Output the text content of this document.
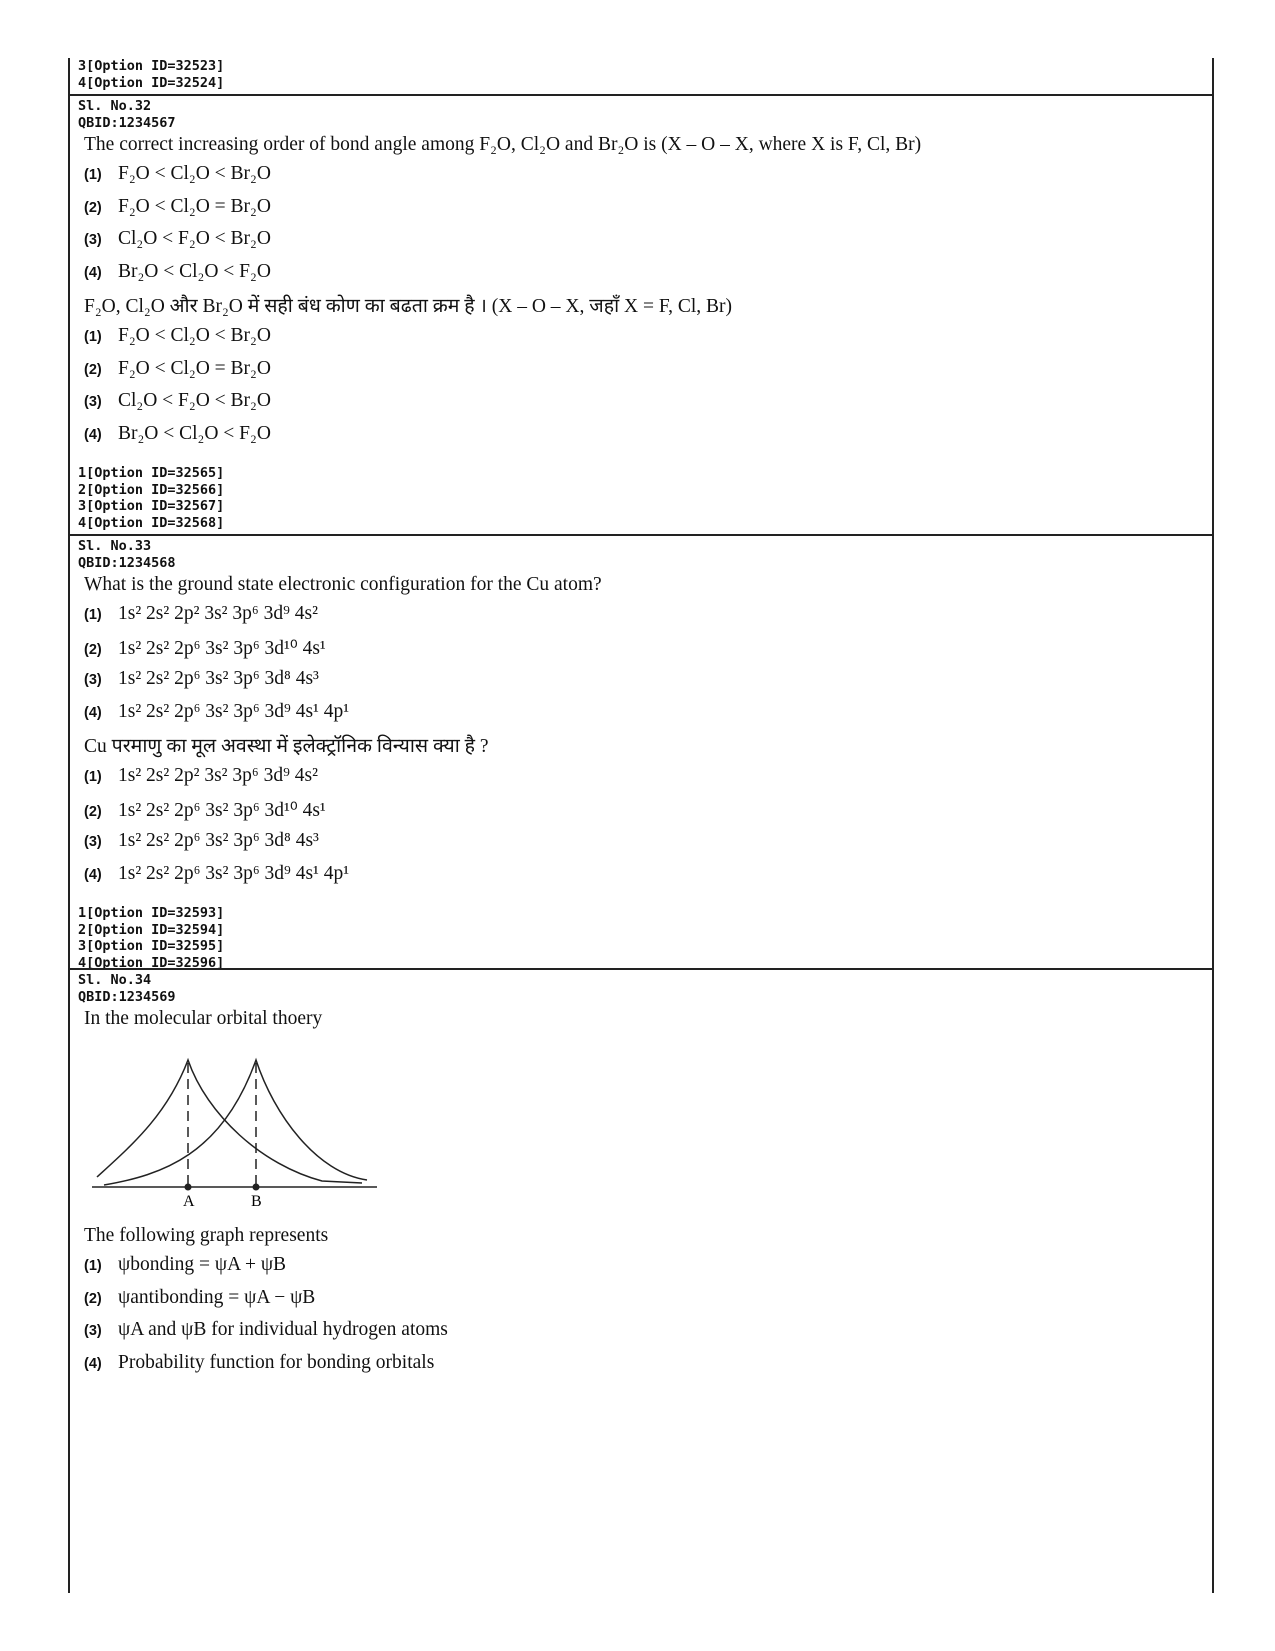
3[Option ID=32523]
4[Option ID=32524]
Sl. No.32
QBID:1234567
The correct increasing order of bond angle among F₂O, Cl₂O and Br₂O is (X – O – X, where X is F, Cl, Br)
(1) F₂O < Cl₂O < Br₂O
(2) F₂O < Cl₂O = Br₂O
(3) Cl₂O < F₂O < Br₂O
(4) Br₂O < Cl₂O < F₂O
F₂O, Cl₂O और Br₂O में सही बंध कोण का बढता क्रम है । (X – O – X, जहाँ X = F, Cl, Br)
(1) F₂O < Cl₂O < Br₂O
(2) F₂O < Cl₂O = Br₂O
(3) Cl₂O < F₂O < Br₂O
(4) Br₂O < Cl₂O < F₂O
1[Option ID=32565]
2[Option ID=32566]
3[Option ID=32567]
4[Option ID=32568]
Sl. No.33
QBID:1234568
What is the ground state electronic configuration for the Cu atom?
(1) 1s² 2s² 2p² 3s² 3p⁶ 3d⁹ 4s²
(2) 1s² 2s² 2p⁶ 3s² 3p⁶ 3d¹⁰ 4s¹
(3) 1s² 2s² 2p⁶ 3s² 3p⁶ 3d⁸ 4s³
(4) 1s² 2s² 2p⁶ 3s² 3p⁶ 3d⁹ 4s¹ 4p¹
Cu परमाणु का मूल अवस्था में इलेक्ट्रॉनिक विन्यास क्या है ?
(1) 1s² 2s² 2p² 3s² 3p⁶ 3d⁹ 4s²
(2) 1s² 2s² 2p⁶ 3s² 3p⁶ 3d¹⁰ 4s¹
(3) 1s² 2s² 2p⁶ 3s² 3p⁶ 3d⁸ 4s³
(4) 1s² 2s² 2p⁶ 3s² 3p⁶ 3d⁹ 4s¹ 4p¹
1[Option ID=32593]
2[Option ID=32594]
3[Option ID=32595]
4[Option ID=32596]
Sl. No.34
QBID:1234569
In the molecular orbital thoery
A	B
The following graph represents
(1) ψbonding = ψA + ψB
(2) ψantibonding = ψA − ψB
(3) ψA and ψB for individual hydrogen atoms
(4) Probability function for bonding orbitals
